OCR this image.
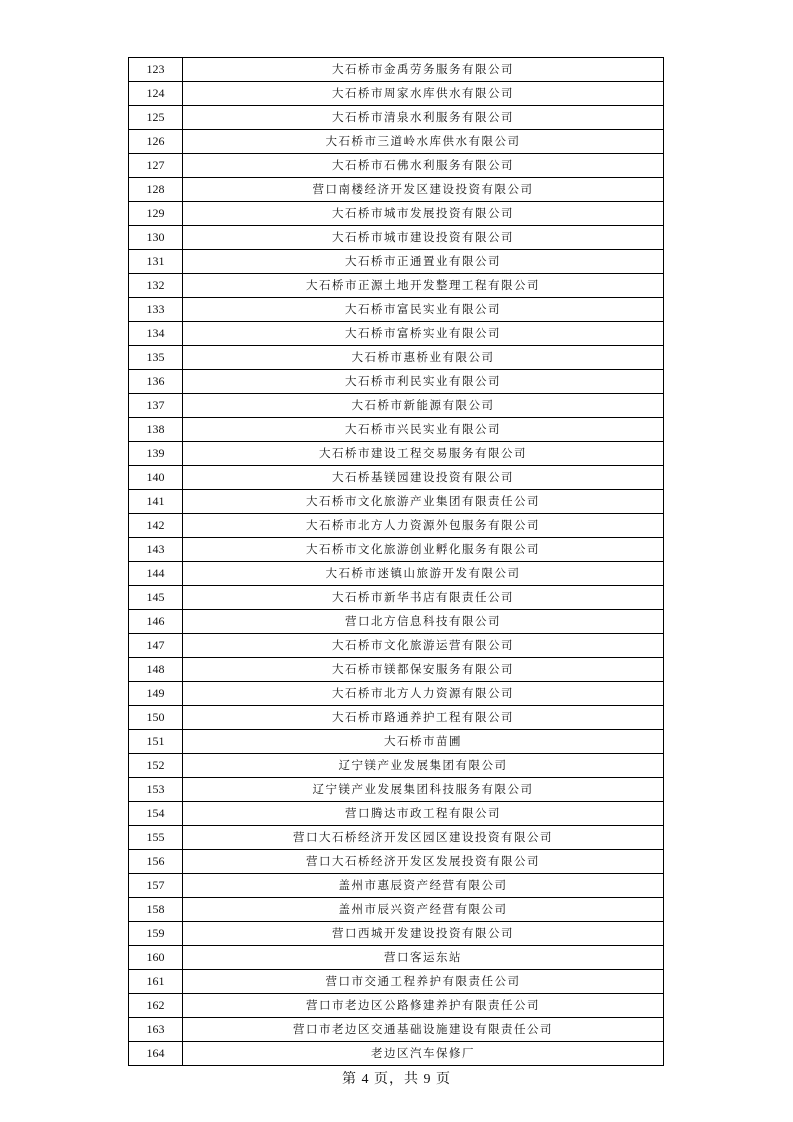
123	大石桥市金禹劳务服务有限公司
124	大石桥市周家水库供水有限公司
125	大石桥市清泉水利服务有限公司
126	大石桥市三道岭水库供水有限公司
127	大石桥市石佛水利服务有限公司
128	营口南楼经济开发区建设投资有限公司
129	大石桥市城市发展投资有限公司
130	大石桥市城市建设投资有限公司
131	大石桥市正通置业有限公司
132	大石桥市正源土地开发整理工程有限公司
133	大石桥市富民实业有限公司
134	大石桥市富桥实业有限公司
135	大石桥市惠桥业有限公司
136	大石桥市利民实业有限公司
137	大石桥市新能源有限公司
138	大石桥市兴民实业有限公司
139	大石桥市建设工程交易服务有限公司
140	大石桥基镁园建设投资有限公司
141	大石桥市文化旅游产业集团有限责任公司
142	大石桥市北方人力资源外包服务有限公司
143	大石桥市文化旅游创业孵化服务有限公司
144	大石桥市迷镇山旅游开发有限公司
145	大石桥市新华书店有限责任公司
146	营口北方信息科技有限公司
147	大石桥市文化旅游运营有限公司
148	大石桥市镁都保安服务有限公司
149	大石桥市北方人力资源有限公司
150	大石桥市路通养护工程有限公司
151	大石桥市苗圃
152	辽宁镁产业发展集团有限公司
153	辽宁镁产业发展集团科技服务有限公司
154	营口腾达市政工程有限公司
155	营口大石桥经济开发区园区建设投资有限公司
156	营口大石桥经济开发区发展投资有限公司
157	盖州市惠辰资产经营有限公司
158	盖州市辰兴资产经营有限公司
159	营口西城开发建设投资有限公司
160	营口客运东站
161	营口市交通工程养护有限责任公司
162	营口市老边区公路修建养护有限责任公司
163	营口市老边区交通基础设施建设有限责任公司
164	老边区汽车保修厂
第 4 页，共 9 页
